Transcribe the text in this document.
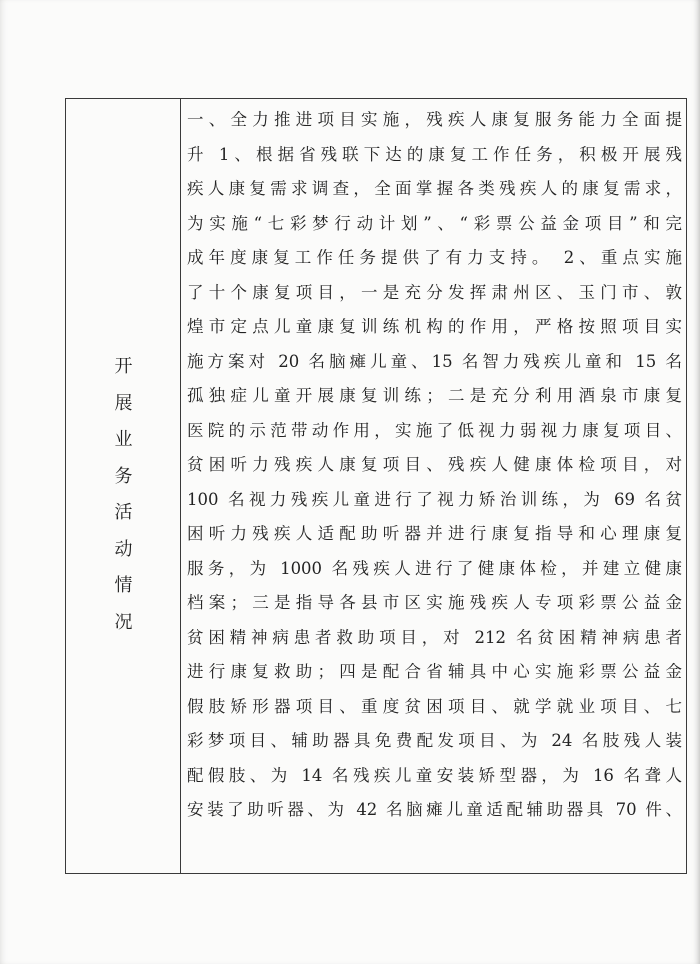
开
展
业
务
活
动
情
况
一、全力推进项目实施，残疾人康复服务能力全面提
升 1、根据省残联下达的康复工作任务，积极开展残
疾人康复需求调查，全面掌握各类残疾人的康复需求，
为实施“七彩梦行动计划”、“彩票公益金项目”和完
成年度康复工作任务提供了有力支持。 2、重点实施
了十个康复项目，一是充分发挥肃州区、玉门市、敦
煌市定点儿童康复训练机构的作用，严格按照项目实
施方案对 20 名脑瘫儿童、15 名智力残疾儿童和 15 名
孤独症儿童开展康复训练；二是充分利用酒泉市康复
医院的示范带动作用，实施了低视力弱视力康复项目、
贫困听力残疾人康复项目、残疾人健康体检项目，对
100 名视力残疾儿童进行了视力矫治训练，为 69 名贫
困听力残疾人适配助听器并进行康复指导和心理康复
服务，为 1000 名残疾人进行了健康体检，并建立健康
档案；三是指导各县市区实施残疾人专项彩票公益金
贫困精神病患者救助项目，对 212 名贫困精神病患者
进行康复救助；四是配合省辅具中心实施彩票公益金
假肢矫形器项目、重度贫困项目、就学就业项目、七
彩梦项目、辅助器具免费配发项目、为 24 名肢残人装
配假肢、为 14 名残疾儿童安装矫型器，为 16 名聋人
安装了助听器、为 42 名脑瘫儿童适配辅助器具 70 件、
